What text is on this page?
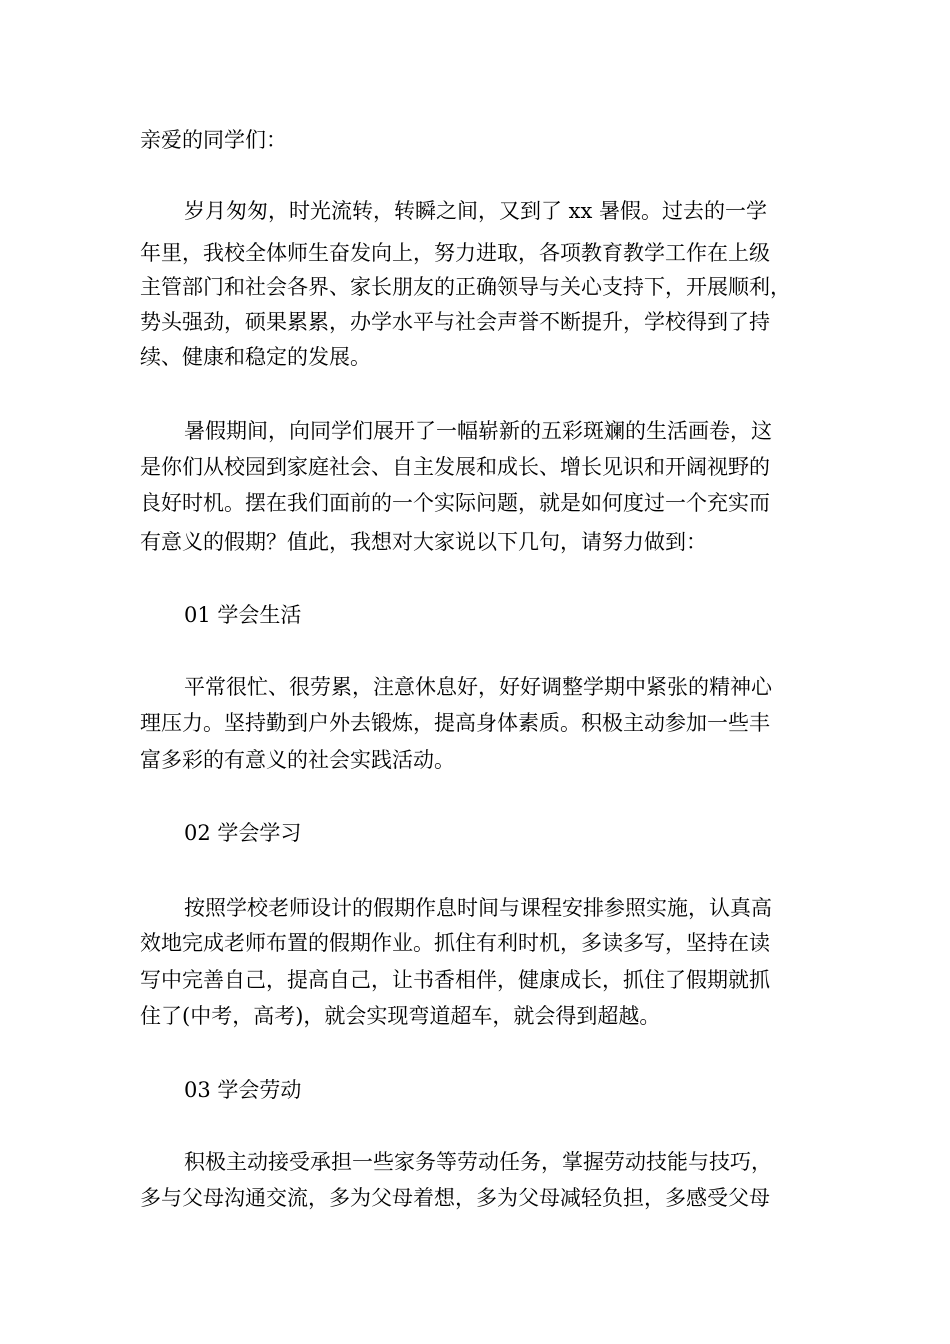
亲爱的同学们：
岁月匆匆，时光流转，转瞬之间，又到了 xx 暑假。过去的一学
年里，我校全体师生奋发向上，努力进取，各项教育教学工作在上级
主管部门和社会各界、家长朋友的正确领导与关心支持下，开展顺利，
势头强劲，硕果累累，办学水平与社会声誉不断提升，学校得到了持
续、健康和稳定的发展。
暑假期间，向同学们展开了一幅崭新的五彩斑斓的生活画卷，这
是你们从校园到家庭社会、自主发展和成长、增长见识和开阔视野的
良好时机。摆在我们面前的一个实际问题，就是如何度过一个充实而
有意义的假期？值此，我想对大家说以下几句，请努力做到：
01 学会生活
平常很忙、很劳累，注意休息好，好好调整学期中紧张的精神心
理压力。坚持勤到户外去锻炼，提高身体素质。积极主动参加一些丰
富多彩的有意义的社会实践活动。
02 学会学习
按照学校老师设计的假期作息时间与课程安排参照实施，认真高
效地完成老师布置的假期作业。抓住有利时机，多读多写，坚持在读
写中完善自己，提高自己，让书香相伴，健康成长，抓住了假期就抓
住了(中考，高考)，就会实现弯道超车，就会得到超越。
03 学会劳动
积极主动接受承担一些家务等劳动任务，掌握劳动技能与技巧，
多与父母沟通交流，多为父母着想，多为父母减轻负担，多感受父母
